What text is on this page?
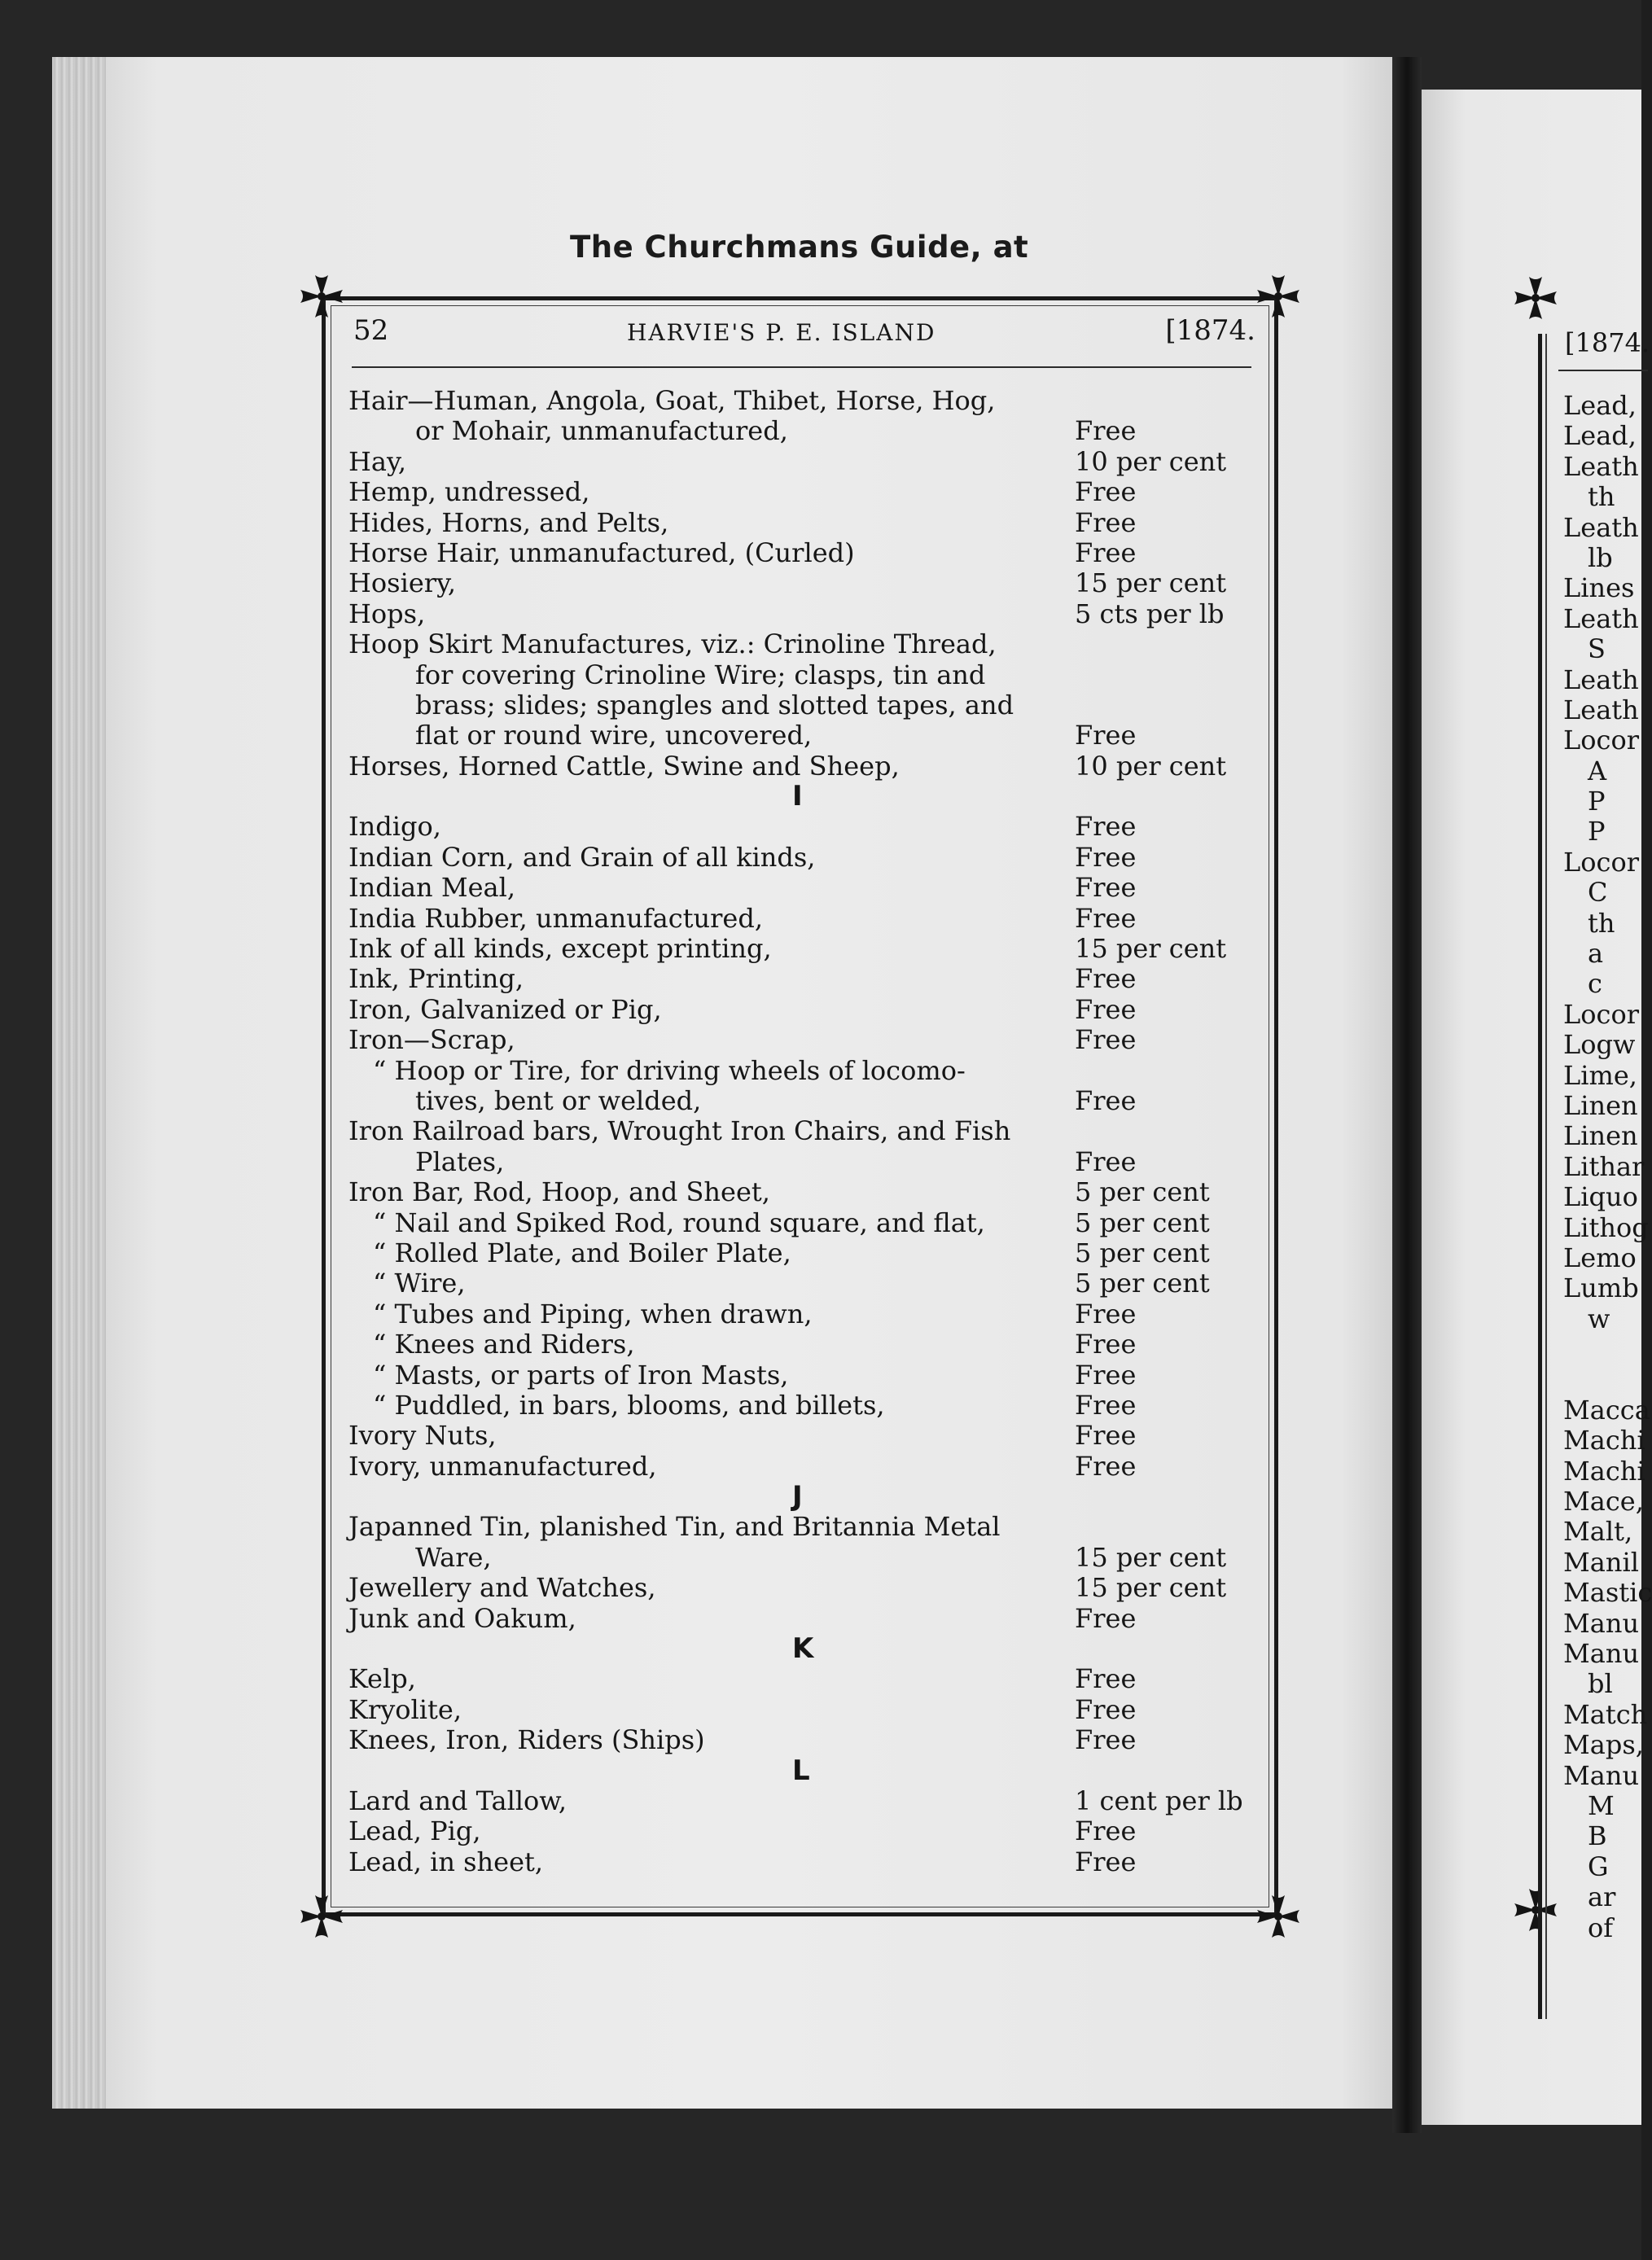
The Churchmans Guide, at
52	HARVIE'S P. E. ISLAND	[1874.
Hair—Human, Angola, Goat, Thibet, Horse, Hog,
or Mohair, unmanufactured,	Free
Hay,	10 per cent
Hemp, undressed,	Free
Hides, Horns, and Pelts,	Free
Horse Hair, unmanufactured, (Curled)	Free
Hosiery,	15 per cent
Hops,	5 cts per lb
Hoop Skirt Manufactures, viz.: Crinoline Thread,
for covering Crinoline Wire; clasps, tin and
brass; slides; spangles and slotted tapes, and
flat or round wire, uncovered,	Free
Horses, Horned Cattle, Swine and Sheep,	10 per cent
I
Indigo,	Free
Indian Corn, and Grain of all kinds,	Free
Indian Meal,	Free
India Rubber, unmanufactured,	Free
Ink of all kinds, except printing,	15 per cent
Ink, Printing,	Free
Iron, Galvanized or Pig,	Free
Iron—Scrap,	Free
“ Hoop or Tire, for driving wheels of locomo-
tives, bent or welded,	Free
Iron Railroad bars, Wrought Iron Chairs, and Fish
Plates,	Free
Iron Bar, Rod, Hoop, and Sheet,	5 per cent
“ Nail and Spiked Rod, round square, and flat,	5 per cent
“ Rolled Plate, and Boiler Plate,	5 per cent
“ Wire,	5 per cent
“ Tubes and Piping, when drawn,	Free
“ Knees and Riders,	Free
“ Masts, or parts of Iron Masts,	Free
“ Puddled, in bars, blooms, and billets,	Free
Ivory Nuts,	Free
Ivory, unmanufactured,	Free
J
Japanned Tin, planished Tin, and Britannia Metal
Ware,	15 per cent
Jewellery and Watches,	15 per cent
Junk and Oakum,	Free
K
Kelp,	Free
Kryolite,	Free
Knees, Iron, Riders (Ships)	Free
L
Lard and Tallow,	1 cent per lb
Lead, Pig,	Free
Lead, in sheet,	Free
[1874.
Lead,
Lead,
Leath
th
Leath
lb
Lines
Leath
S
Leath
Leath
Locor
A
P
P
Locor
C
th
a
c
Locor
Logw
Lime,
Linen
Linen
Lithar
Liquo
Lithog
Lemo
Lumb
w
Macca
Machi
Machi
Mace,
Malt,
Manil
Mastic
Manu
Manu
bl
Match
Maps,
Manu
M
B
G
ar
of
